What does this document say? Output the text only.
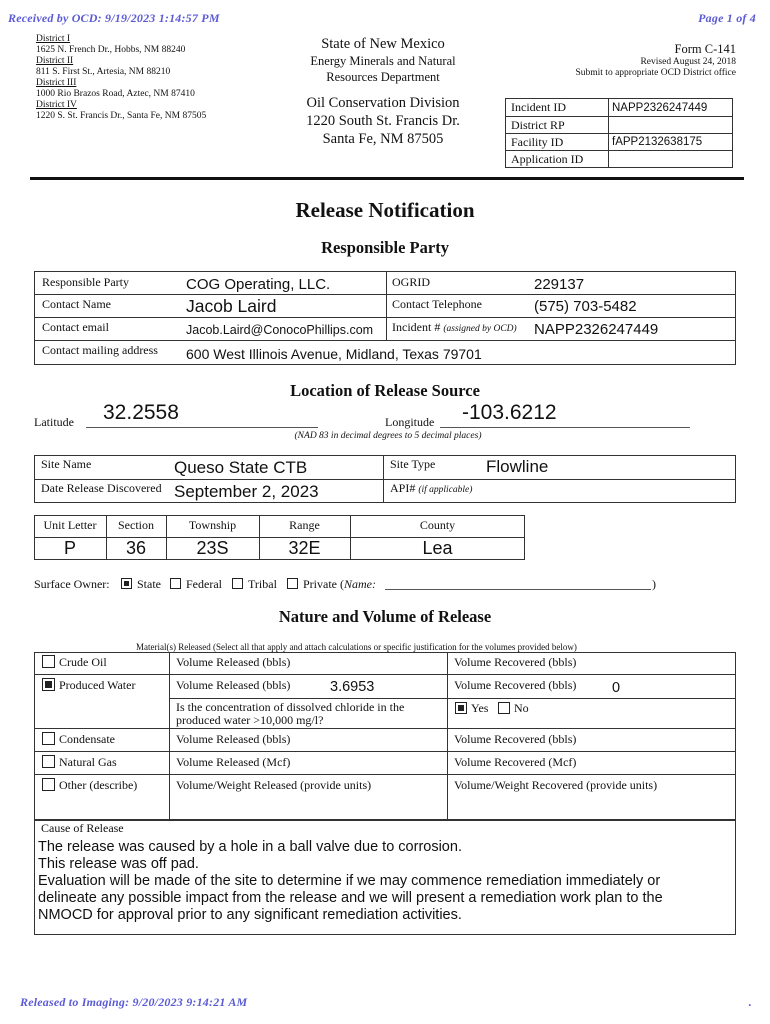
Received by OCD: 9/19/2023 1:14:57 PM	Page 1 of 4
District I
1625 N. French Dr., Hobbs, NM 88240
District II
811 S. First St., Artesia, NM 88210
District III
1000 Rio Brazos Road, Aztec, NM 87410
District IV
1220 S. St. Francis Dr., Santa Fe, NM 87505
State of New Mexico
Energy Minerals and Natural
Resources Department
Oil Conservation Division
1220 South St. Francis Dr.
Santa Fe, NM 87505
Form C-141
Revised August 24, 2018
Submit to appropriate OCD District office
Incident ID	NAPP2326247449
District RP
Facility ID	fAPP2132638175
Application ID
Release Notification
Responsible Party
Responsible Party	COG Operating, LLC.	OGRID	229137
Contact Name	Jacob Laird	Contact Telephone	(575) 703-5482
Contact email	Jacob.Laird@ConocoPhillips.com Incident # (assigned by OCD) NAPP2326247449
Contact mailing address 600 West Illinois Avenue, Midland, Texas 79701
Location of Release Source
Latitude 32.2558	Longitude -103.6212
(NAD 83 in decimal degrees to 5 decimal places)
Site Name	Queso State CTB	Site Type	Flowline
Date Release Discovered September 2, 2023	API# (if applicable)
Unit Letter	Section	Township	Range	County
P	36	23S	32E	Lea
Surface Owner: State Federal Tribal Private (Name:	)
Nature and Volume of Release
Material(s) Released (Select all that apply and attach calculations or specific justification for the volumes provided below)
Crude Oil	Volume Released (bbls)	Volume Recovered (bbls)
Produced Water	Volume Released (bbls)	3.6953	Volume Recovered (bbls) 0
Is the concentration of dissolved chloride in the
produced water >10,000 mg/l?
Yes No
Condensate	Volume Released (bbls)	Volume Recovered (bbls)
Natural Gas	Volume Released (Mcf)	Volume Recovered (Mcf)
Other (describe)	Volume/Weight Released (provide units)	Volume/Weight Recovered (provide units)
Cause of Release
The release was caused by a hole in a ball valve due to corrosion.
This release was off pad.
Evaluation will be made of the site to determine if we may commence remediation immediately or
delineate any possible impact from the release and we will present a remediation work plan to the
NMOCD for approval prior to any significant remediation activities.
Released to Imaging: 9/20/2023 9:14:21 AM	.
